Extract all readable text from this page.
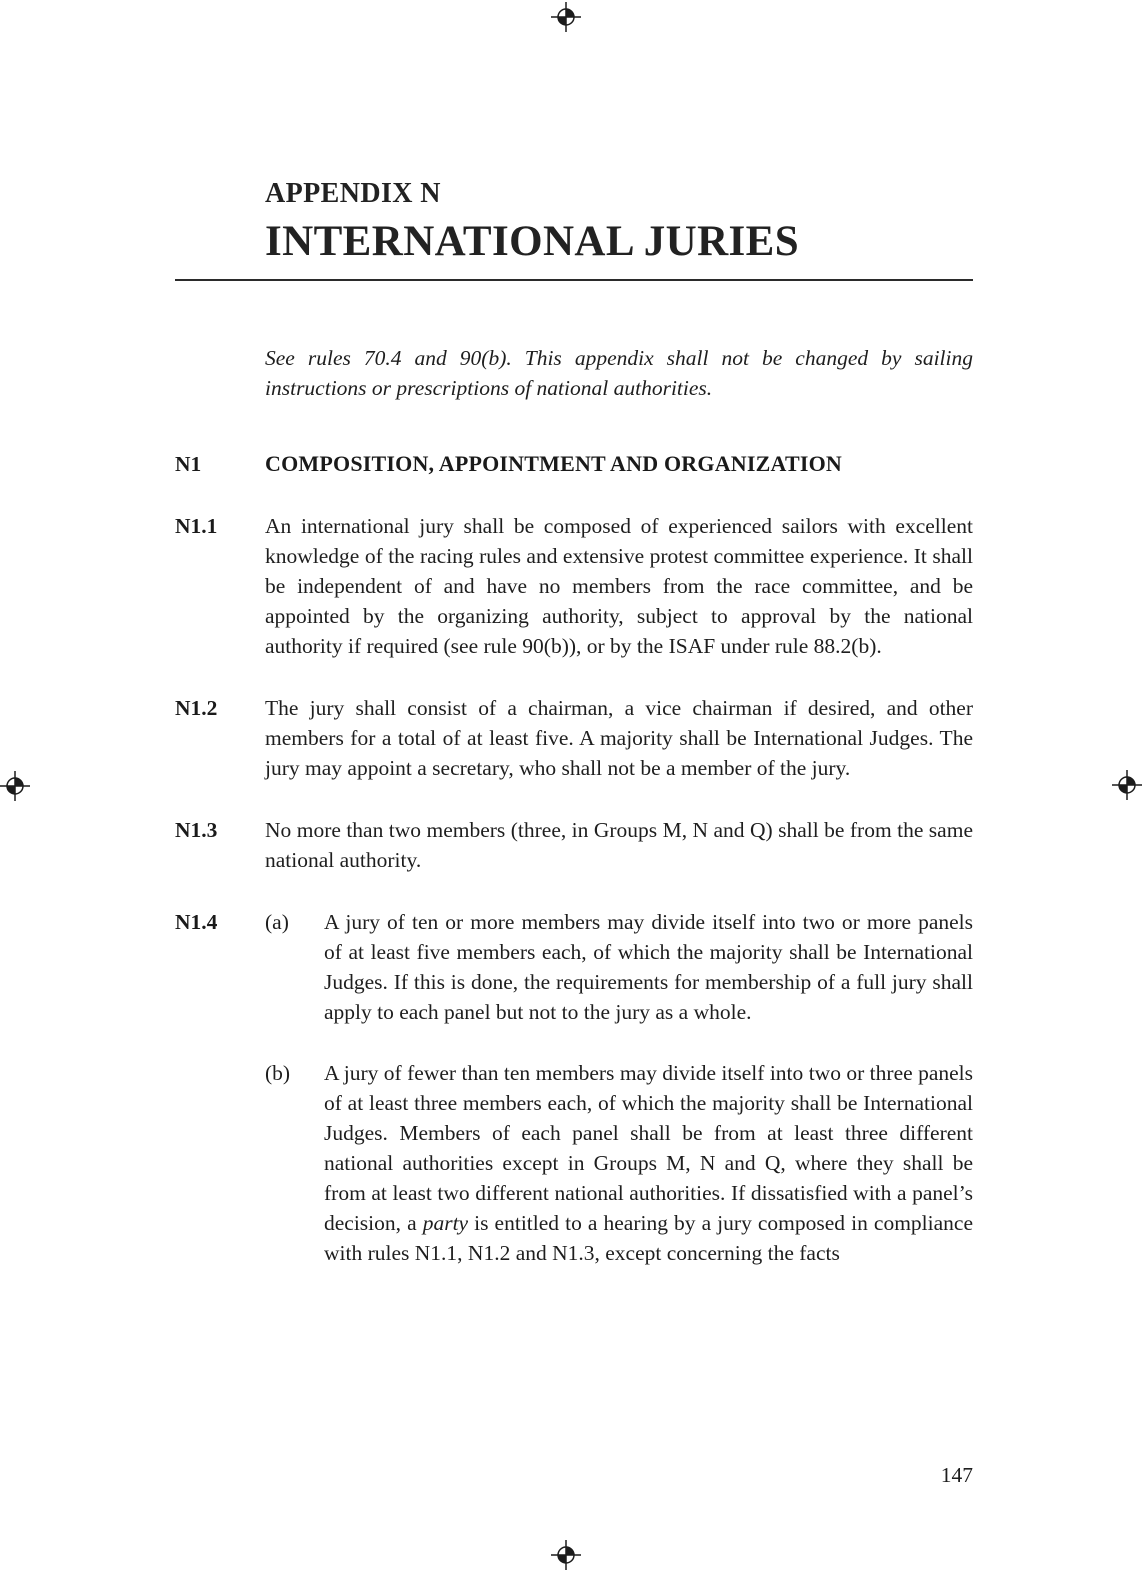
APPENDIX N
INTERNATIONAL JURIES

See rules 70.4 and 90(b). This appendix shall not be changed by sailing instructions or prescriptions of national authorities.

N1	COMPOSITION, APPOINTMENT AND ORGANIZATION
N1.1	An international jury shall be composed of experienced sailors with excellent knowledge of the racing rules and extensive protest committee experience. It shall be independent of and have no members from the race committee, and be appointed by the organizing authority, subject to approval by the national authority if required (see rule 90(b)), or by the ISAF under rule 88.2(b).

N1.2	The jury shall consist of a chairman, a vice chairman if desired, and other members for a total of at least five. A majority shall be International Judges. The jury may appoint a secretary, who shall not be a member of the jury.

N1.3	No more than two members (three, in Groups M, N and Q) shall be from the same national authority.

N1.4	(a)	A jury of ten or more members may divide itself into two or more panels of at least five members each, of which the majority shall be International Judges. If this is done, the requirements for membership of a full jury shall apply to each panel but not to the jury as a whole.

(b)	A jury of fewer than ten members may divide itself into two or three panels of at least three members each, of which the majority shall be International Judges. Members of each panel shall be from at least three different national authorities except in Groups M, N and Q, where they shall be from at least two different national authorities. If dissatisfied with a panel’s decision, a party is entitled to a hearing by a jury composed in compliance with rules N1.1, N1.2 and N1.3, except concerning the facts

147
